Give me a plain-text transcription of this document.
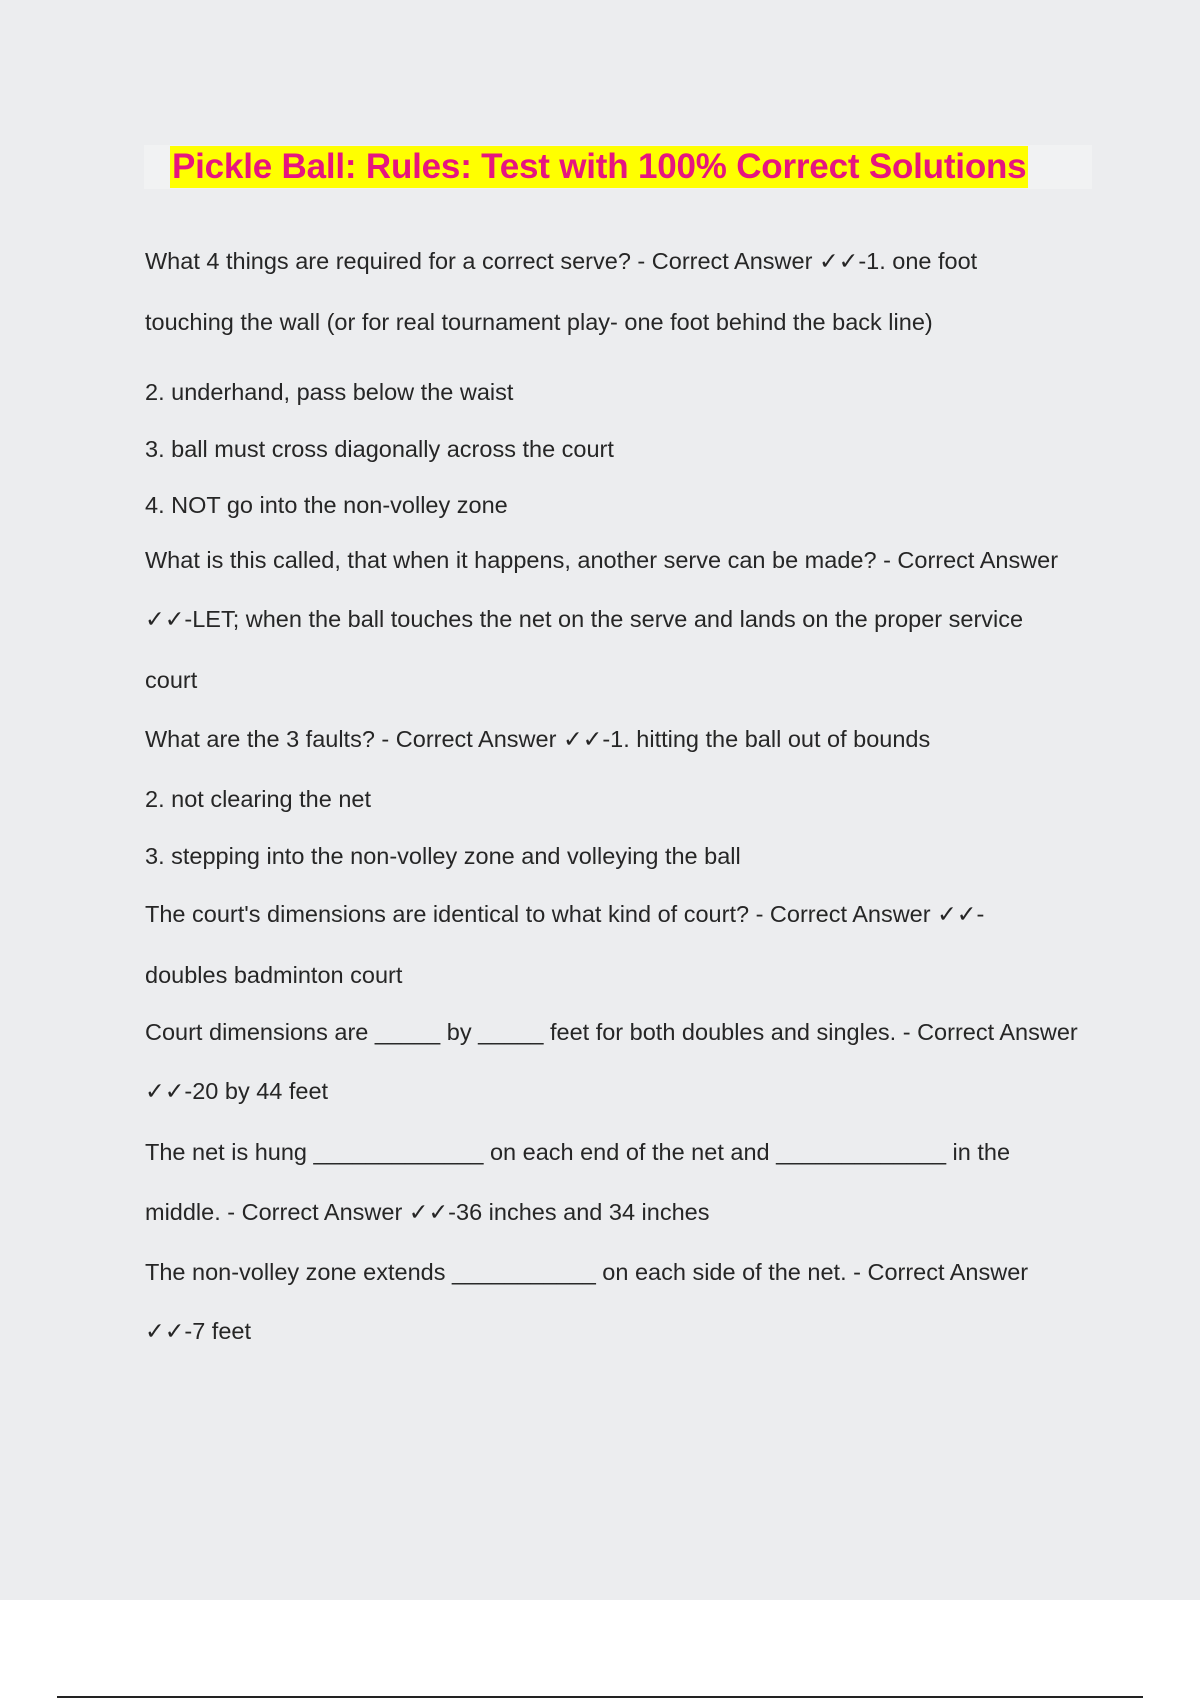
Pickle Ball: Rules: Test with 100% Correct Solutions
What 4 things are required for a correct serve? - Correct Answer ✓✓-1. one foot
touching the wall (or for real tournament play- one foot behind the back line)
2. underhand, pass below the waist
3. ball must cross diagonally across the court
4. NOT go into the non-volley zone
What is this called, that when it happens, another serve can be made? - Correct Answer
✓✓-LET; when the ball touches the net on the serve and lands on the proper service
court
What are the 3 faults? - Correct Answer ✓✓-1. hitting the ball out of bounds
2. not clearing the net
3. stepping into the non-volley zone and volleying the ball
The court's dimensions are identical to what kind of court? - Correct Answer ✓✓-
doubles badminton court
Court dimensions are _____ by _____ feet for both doubles and singles. - Correct Answer
✓✓-20 by 44 feet
The net is hung _____________ on each end of the net and _____________ in the
middle. - Correct Answer ✓✓-36 inches and 34 inches
The non-volley zone extends ___________ on each side of the net. - Correct Answer
✓✓-7 feet
